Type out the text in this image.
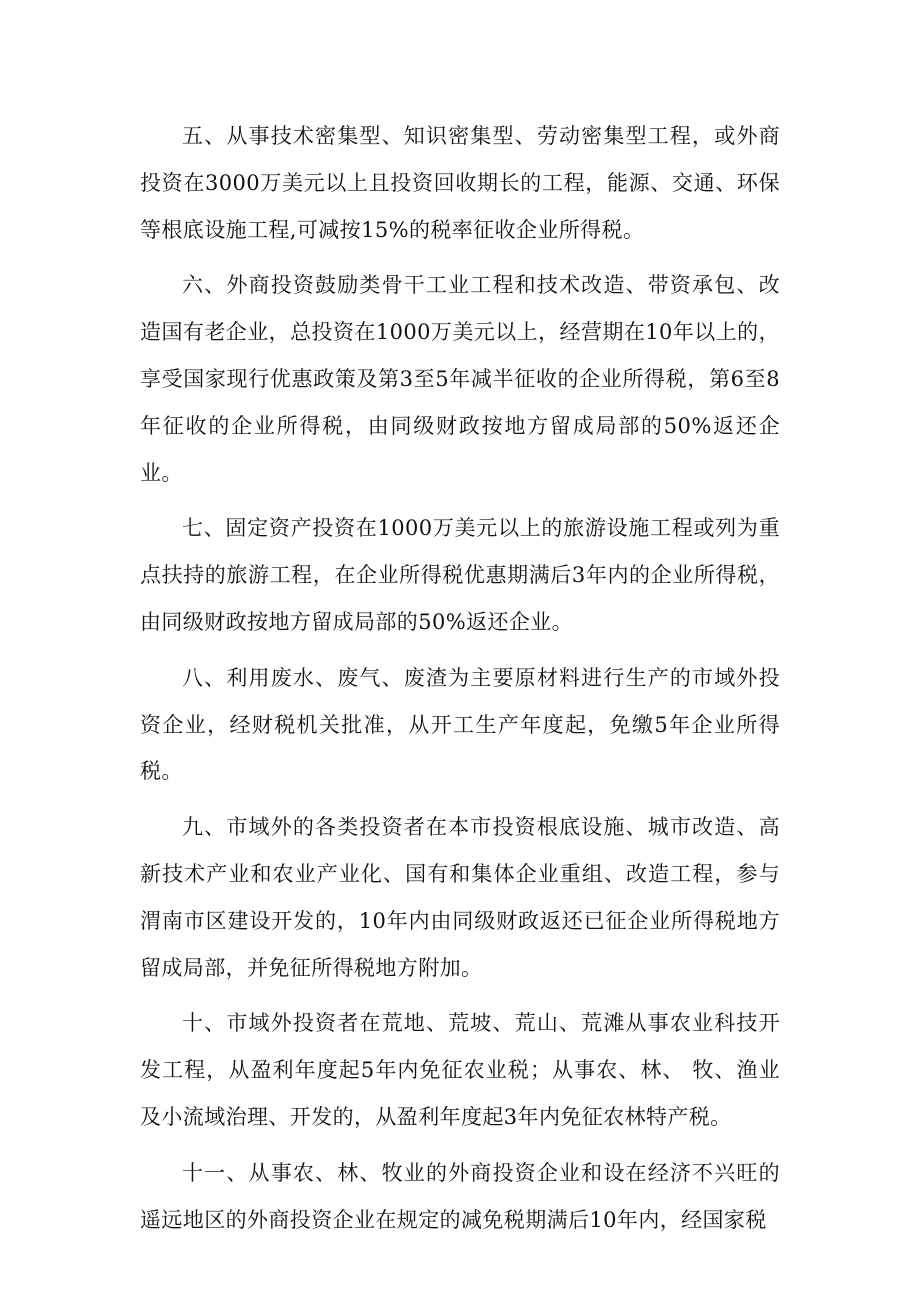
五、从事技术密集型、知识密集型、劳动密集型工程，或外商投资在3000万美元以上且投资回收期长的工程，能源、交通、环保等根底设施工程,可减按15%的税率征收企业所得税。

六、外商投资鼓励类骨干工业工程和技术改造、带资承包、改造国有老企业，总投资在1000万美元以上，经营期在10年以上的，享受国家现行优惠政策及第3至5年减半征收的企业所得税，第6至8年征收的企业所得税，由同级财政按地方留成局部的50%返还企业。

七、固定资产投资在1000万美元以上的旅游设施工程或列为重点扶持的旅游工程，在企业所得税优惠期满后3年内的企业所得税，由同级财政按地方留成局部的50%返还企业。

八、利用废水、废气、废渣为主要原材料进行生产的市域外投资企业，经财税机关批准，从开工生产年度起，免缴5年企业所得税。

九、市域外的各类投资者在本市投资根底设施、城市改造、高新技术产业和农业产业化、国有和集体企业重组、改造工程，参与渭南市区建设开发的，10年内由同级财政返还已征企业所得税地方留成局部，并免征所得税地方附加。

十、市域外投资者在荒地、荒坡、荒山、荒滩从事农业科技开发工程，从盈利年度起5年内免征农业税；从事农、林、 牧、渔业及小流域治理、开发的，从盈利年度起3年内免征农林特产税。

十一、从事农、林、牧业的外商投资企业和设在经济不兴旺的遥远地区的外商投资企业在规定的减免税期满后10年内，经国家税
